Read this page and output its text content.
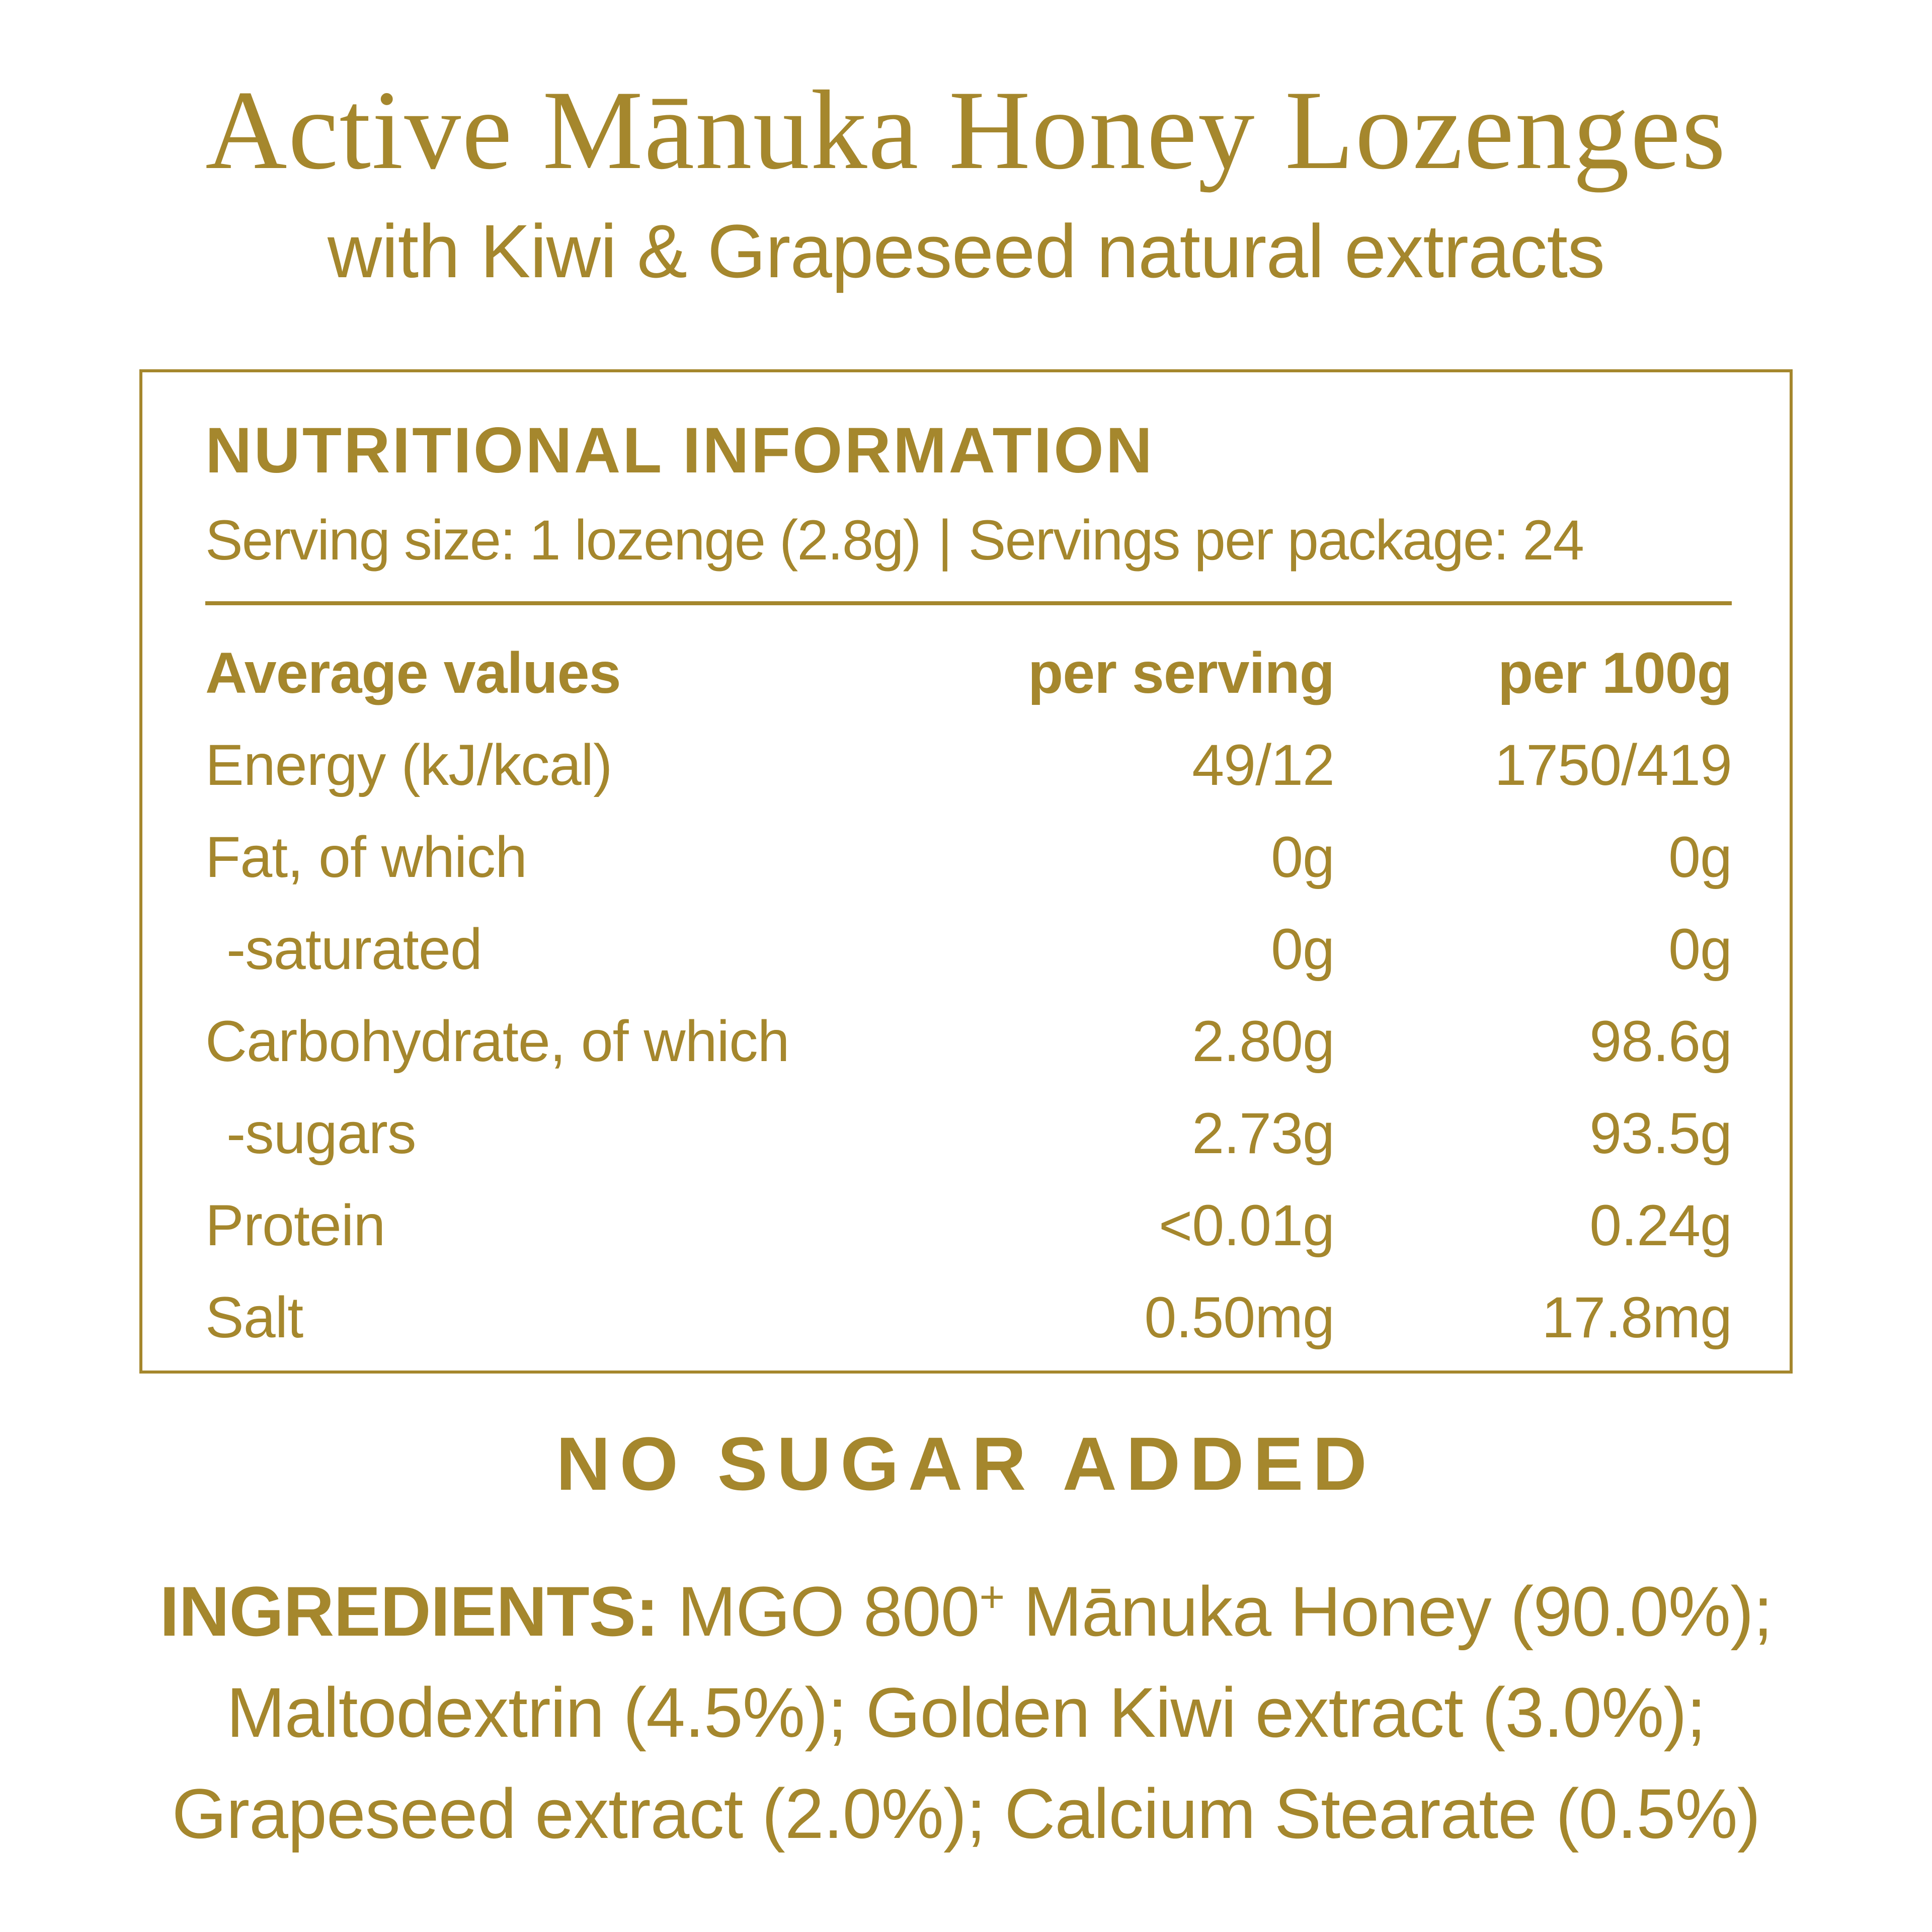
Active Mānuka Honey Lozenges
with Kiwi & Grapeseed natural extracts
NUTRITIONAL INFORMATION
Serving size: 1 lozenge (2.8g) | Servings per package: 24
Average values	per serving	per 100g
Energy (kJ/kcal)	49/12	1750/419
Fat, of which	0g	0g
-saturated	0g	0g
Carbohydrate, of which	2.80g	98.6g
-sugars	2.73g	93.5g
Protein	<0.01g	0.24g
Salt	0.50mg	17.8mg
NO SUGAR ADDED
INGREDIENTS: MGO 800+ Mānuka Honey (90.0%);
Maltodextrin (4.5%); Golden Kiwi extract (3.0%);
Grapeseed extract (2.0%); Calcium Stearate (0.5%)
